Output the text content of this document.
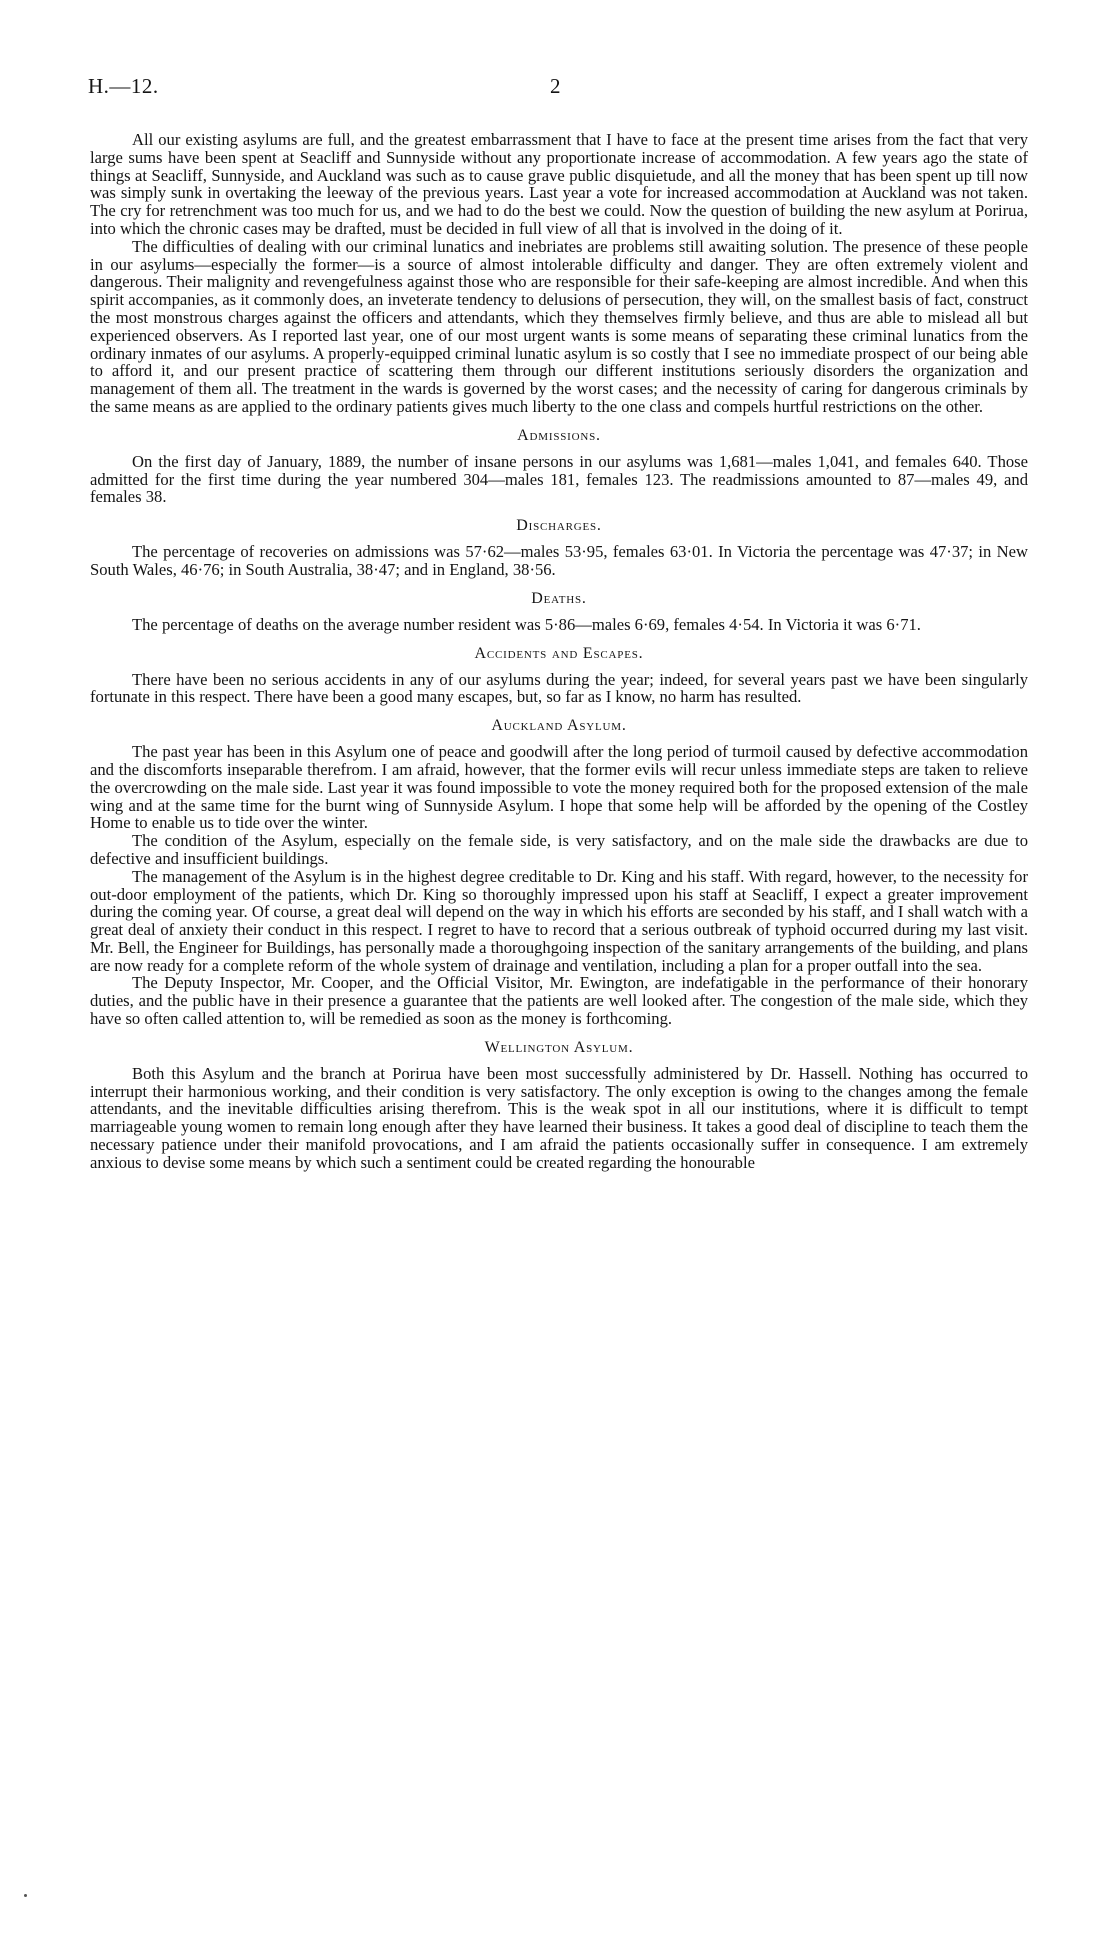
H.—12.	2

All our existing asylums are full, and the greatest embarrassment that I have to face at the present time arises from the fact that very large sums have been spent at Seacliff and Sunnyside without any proportionate increase of accommodation. A few years ago the state of things at Seacliff, Sunnyside, and Auckland was such as to cause grave public disquietude, and all the money that has been spent up till now was simply sunk in overtaking the leeway of the previous years. Last year a vote for increased accommodation at Auckland was not taken. The cry for retrenchment was too much for us, and we had to do the best we could. Now the question of building the new asylum at Porirua, into which the chronic cases may be drafted, must be decided in full view of all that is involved in the doing of it.

The difficulties of dealing with our criminal lunatics and inebriates are problems still awaiting solution. The presence of these people in our asylums—especially the former—is a source of almost intolerable difficulty and danger. They are often extremely violent and dangerous. Their malignity and revengefulness against those who are responsible for their safe-keeping are almost incredible. And when this spirit accompanies, as it commonly does, an inveterate tendency to delusions of persecution, they will, on the smallest basis of fact, construct the most monstrous charges against the officers and attendants, which they themselves firmly believe, and thus are able to mislead all but experienced observers. As I reported last year, one of our most urgent wants is some means of separating these criminal lunatics from the ordinary inmates of our asylums. A properly-equipped criminal lunatic asylum is so costly that I see no immediate prospect of our being able to afford it, and our present practice of scattering them through our different institutions seriously disorders the organization and management of them all. The treatment in the wards is governed by the worst cases; and the necessity of caring for dangerous criminals by the same means as are applied to the ordinary patients gives much liberty to the one class and compels hurtful restrictions on the other.

Admissions.

On the first day of January, 1889, the number of insane persons in our asylums was 1,681—males 1,041, and females 640. Those admitted for the first time during the year numbered 304—males 181, females 123. The readmissions amounted to 87—males 49, and females 38.

Discharges.

The percentage of recoveries on admissions was 57·62—males 53·95, females 63·01. In Victoria the percentage was 47·37; in New South Wales, 46·76; in South Australia, 38·47; and in England, 38·56.

Deaths.

The percentage of deaths on the average number resident was 5·86—males 6·69, females 4·54. In Victoria it was 6·71.

Accidents and Escapes.

There have been no serious accidents in any of our asylums during the year; indeed, for several years past we have been singularly fortunate in this respect. There have been a good many escapes, but, so far as I know, no harm has resulted.

Auckland Asylum.

The past year has been in this Asylum one of peace and goodwill after the long period of turmoil caused by defective accommodation and the discomforts inseparable therefrom. I am afraid, however, that the former evils will recur unless immediate steps are taken to relieve the overcrowding on the male side. Last year it was found impossible to vote the money required both for the proposed extension of the male wing and at the same time for the burnt wing of Sunnyside Asylum. I hope that some help will be afforded by the opening of the Costley Home to enable us to tide over the winter.

The condition of the Asylum, especially on the female side, is very satisfactory, and on the male side the drawbacks are due to defective and insufficient buildings.

The management of the Asylum is in the highest degree creditable to Dr. King and his staff. With regard, however, to the necessity for out-door employment of the patients, which Dr. King so thoroughly impressed upon his staff at Seacliff, I expect a greater improvement during the coming year. Of course, a great deal will depend on the way in which his efforts are seconded by his staff, and I shall watch with a great deal of anxiety their conduct in this respect. I regret to have to record that a serious outbreak of typhoid occurred during my last visit. Mr. Bell, the Engineer for Buildings, has personally made a thoroughgoing inspection of the sanitary arrangements of the building, and plans are now ready for a complete reform of the whole system of drainage and ventilation, including a plan for a proper outfall into the sea.

The Deputy Inspector, Mr. Cooper, and the Official Visitor, Mr. Ewington, are indefatigable in the performance of their honorary duties, and the public have in their presence a guarantee that the patients are well looked after. The congestion of the male side, which they have so often called attention to, will be remedied as soon as the money is forthcoming.

Wellington Asylum.

Both this Asylum and the branch at Porirua have been most successfully administered by Dr. Hassell. Nothing has occurred to interrupt their harmonious working, and their condition is very satisfactory. The only exception is owing to the changes among the female attendants, and the inevitable difficulties arising therefrom. This is the weak spot in all our institutions, where it is difficult to tempt marriageable young women to remain long enough after they have learned their business. It takes a good deal of discipline to teach them the necessary patience under their manifold provocations, and I am afraid the patients occasionally suffer in consequence. I am extremely anxious to devise some means by which such a sentiment could be created regarding the honourable
